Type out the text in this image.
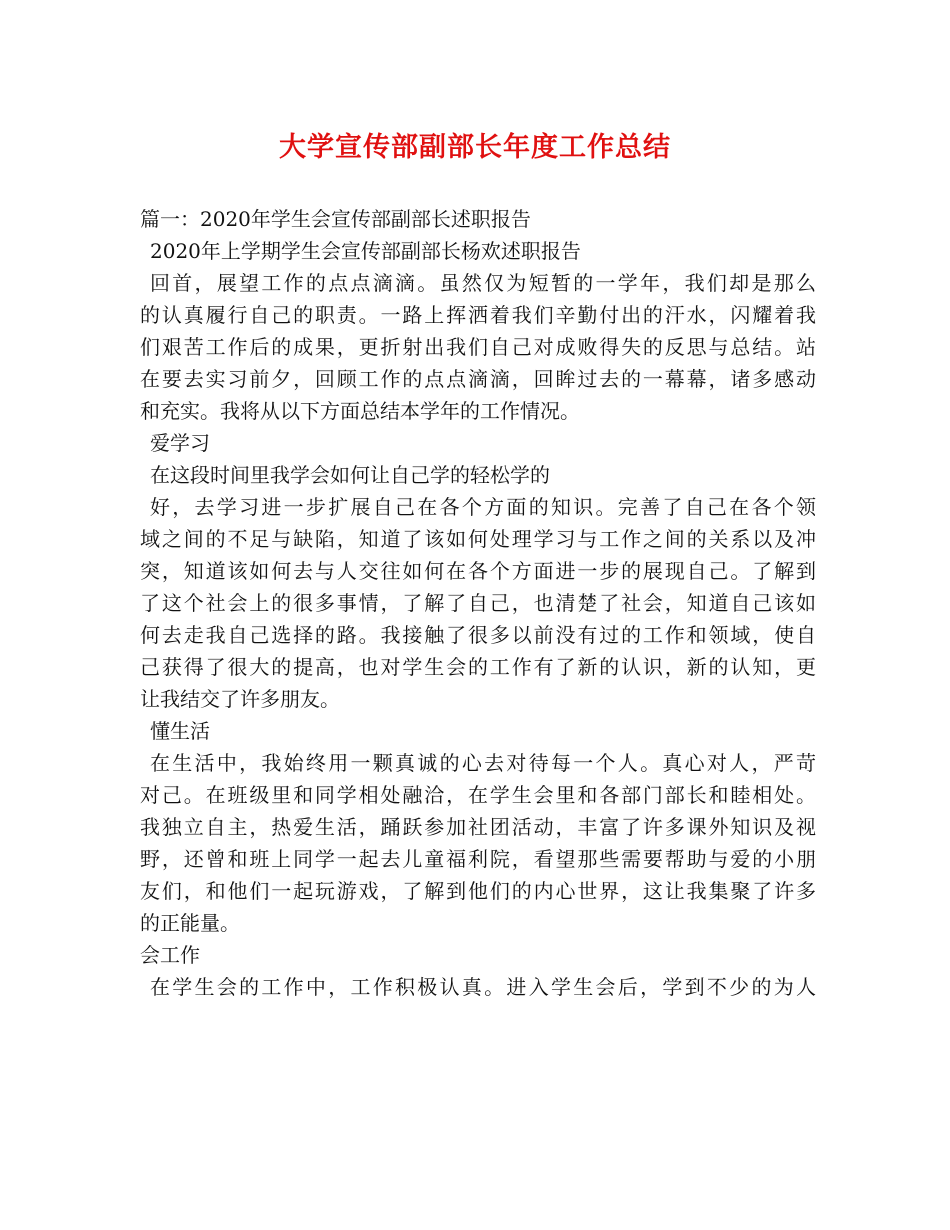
大学宣传部副部长年度工作总结
篇一：2020年学生会宣传部副部长述职报告
2020年上学期学生会宣传部副部长杨欢述职报告
回首，展望工作的点点滴滴。虽然仅为短暂的一学年，我们却是那么
的认真履行自己的职责。一路上挥洒着我们辛勤付出的汗水，闪耀着我
们艰苦工作后的成果，更折射出我们自己对成败得失的反思与总结。站
在要去实习前夕，回顾工作的点点滴滴，回眸过去的一幕幕，诸多感动
和充实。我将从以下方面总结本学年的工作情况。
爱学习
在这段时间里我学会如何让自己学的轻松学的
好，去学习进一步扩展自己在各个方面的知识。完善了自己在各个领
域之间的不足与缺陷，知道了该如何处理学习与工作之间的关系以及冲
突，知道该如何去与人交往如何在各个方面进一步的展现自己。了解到
了这个社会上的很多事情，了解了自己，也清楚了社会，知道自己该如
何去走我自己选择的路。我接触了很多以前没有过的工作和领域，使自
己获得了很大的提高，也对学生会的工作有了新的认识，新的认知，更
让我结交了许多朋友。
懂生活
在生活中，我始终用一颗真诚的心去对待每一个人。真心对人，严苛
对己。在班级里和同学相处融洽，在学生会里和各部门部长和睦相处。
我独立自主，热爱生活，踊跃参加社团活动，丰富了许多课外知识及视
野，还曾和班上同学一起去儿童福利院，看望那些需要帮助与爱的小朋
友们，和他们一起玩游戏，了解到他们的内心世界，这让我集聚了许多
的正能量。
会工作
在学生会的工作中，工作积极认真。进入学生会后，学到不少的为人
